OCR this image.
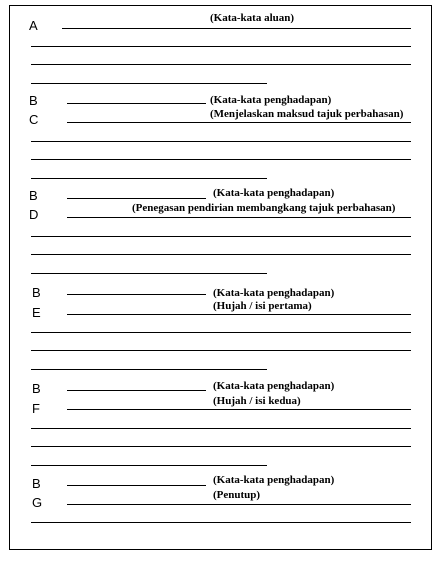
A	(Kata-kata aluan)
B	(Kata-kata penghadapan)
C	(Menjelaskan maksud tajuk perbahasan)
B	(Kata-kata penghadapan)
D	(Penegasan pendirian membangkang tajuk perbahasan)
B	(Kata-kata penghadapan)
E	(Hujah / isi pertama)
B	(Kata-kata penghadapan)
F	(Hujah / isi kedua)
B	(Kata-kata penghadapan)
G	(Penutup)
